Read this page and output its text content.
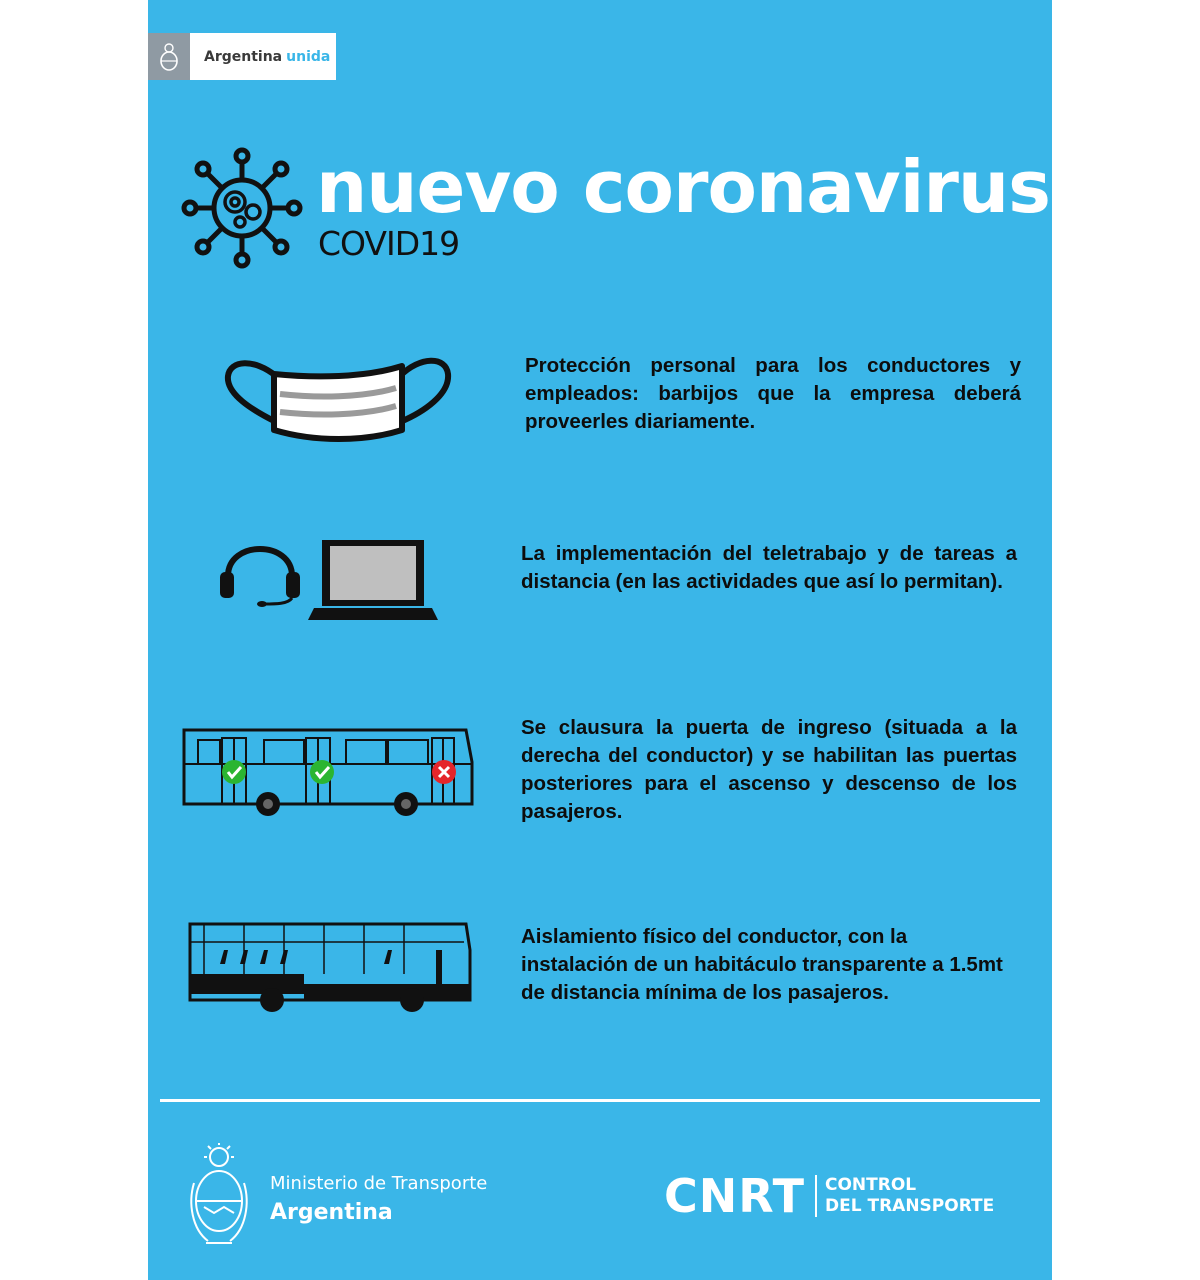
Argentina unida
nuevo coronavirus
COVID19
Protección personal para los conductores y empleados: barbijos que la empresa deberá proveerles diariamente.
La implementación del teletrabajo y de tareas a distancia (en las actividades que así lo permitan).
Se clausura la puerta de ingreso (situada a la derecha del conductor) y se habilitan las puertas posteriores para el ascenso y descenso de los pasajeros.
Aislamiento físico del conductor, con la instalación de un habitáculo transparente a 1.5mt de distancia mínima de los pasajeros.
Ministerio de Transporte
Argentina	CNRT CONTROL
DEL TRANSPORTE
